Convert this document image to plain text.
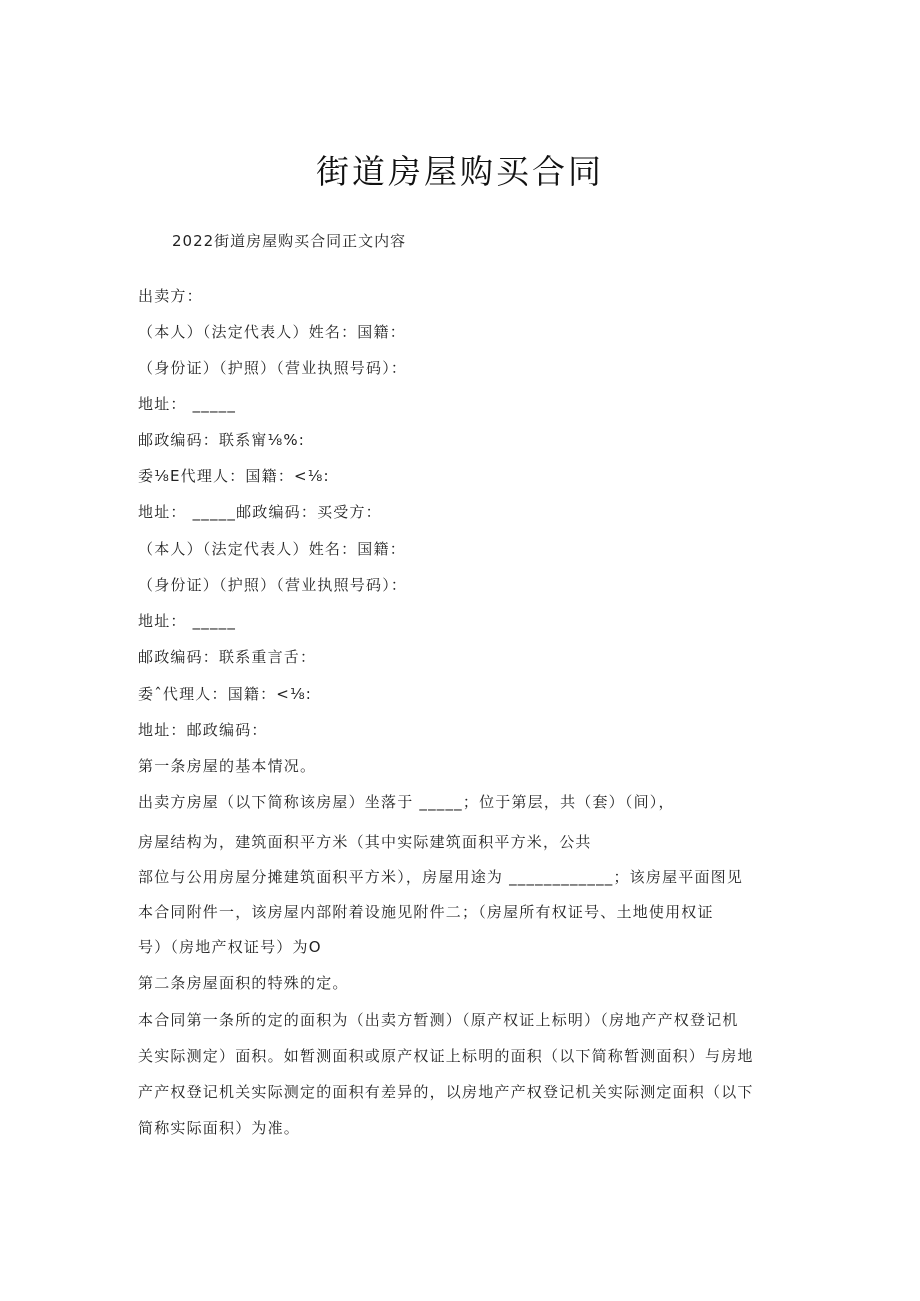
街道房屋购买合同
2022街道房屋购买合同正文内容
出卖方：
（本人）（法定代表人）姓名：国籍：
（身份证）（护照）（营业执照号码）：
地址： _____
邮政编码：联系甯⅛%:
委⅛E代理人：国籍：<⅛:
地址： _____邮政编码：买受方：
（本人）（法定代表人）姓名：国籍：
（身份证）（护照）（营业执照号码）：
地址： _____
邮政编码：联系重言舌：
委ˆ代理人：国籍：<⅛:
地址：邮政编码：
第一条房屋的基本情况。
出卖方房屋（以下简称该房屋）坐落于 _____；位于第层，共（套）（间），
房屋结构为，建筑面积平方米（其中实际建筑面积平方米，公共
部位与公用房屋分摊建筑面积平方米），房屋用途为 ____________；该房屋平面图见
本合同附件一，该房屋内部附着设施见附件二；（房屋所有权证号、土地使用权证
号）（房地产权证号）为O
第二条房屋面积的特殊的定。
本合同第一条所的定的面积为（出卖方暂测）（原产权证上标明）（房地产产权登记机
关实际测定）面积。如暂测面积或原产权证上标明的面积（以下简称暂测面积）与房地
产产权登记机关实际测定的面积有差异的，以房地产产权登记机关实际测定面积（以下
简称实际面积）为准。
